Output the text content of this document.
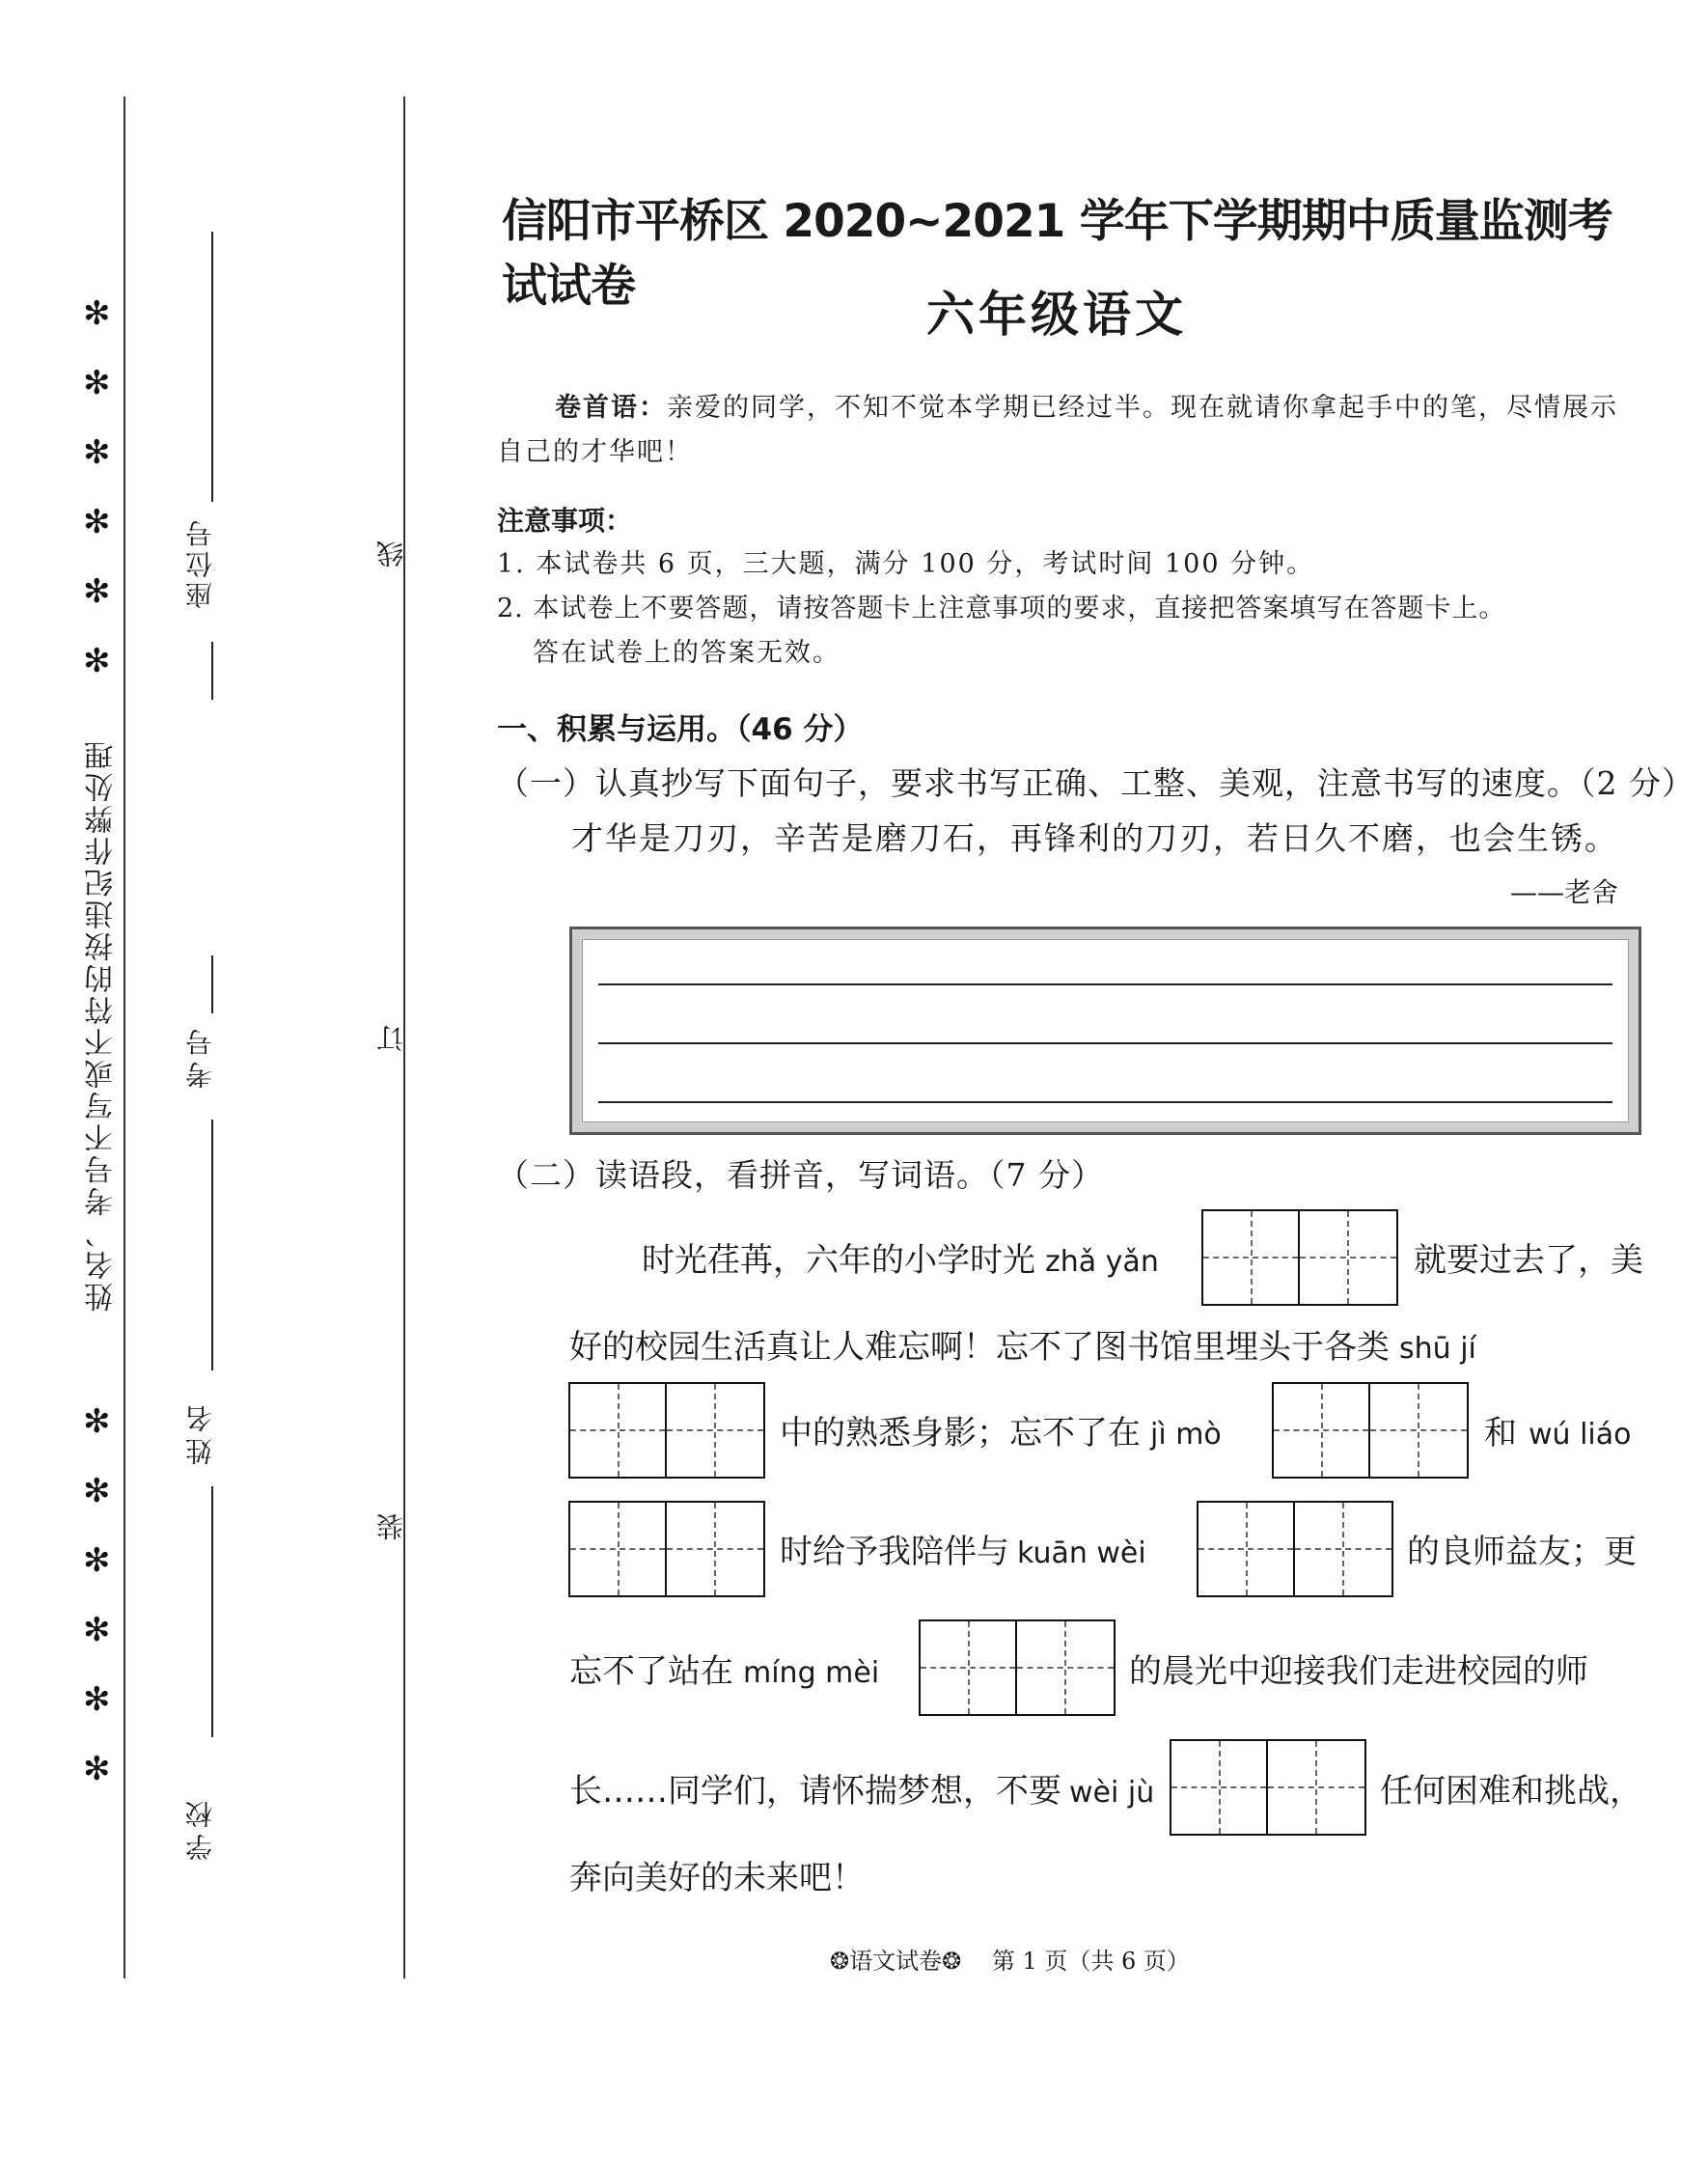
✻
✻
✻
✻
✻
✻
✻
✻
✻
✻
✻
✻
姓名、考号不写或不符的按违纪作弊处理
座位号
考号
姓名
学校
线
订
装
信阳市平桥区 2020~2021 学年下学期期中质量监测考试试卷
六年级语文
卷首语：亲爱的同学，不知不觉本学期已经过半。现在就请你拿起手中的笔，尽情展示自己的才华吧！
注意事项：
1. 本试卷共 6 页，三大题，满分 100 分，考试时间 100 分钟。
2. 本试卷上不要答题，请按答题卡上注意事项的要求，直接把答案填写在答题卡上。
答在试卷上的答案无效。
一、积累与运用。（46 分）
（一）认真抄写下面句子，要求书写正确、工整、美观，注意书写的速度。（2 分）
才华是刀刃，辛苦是磨刀石，再锋利的刀刃，若日久不磨，也会生锈。
——老舍
（二）读语段，看拼音，写词语。（7 分）
时光荏苒，六年的小学时光 zhǎ yǎn	就要过去了，美
好的校园生活真让人难忘啊！忘不了图书馆里埋头于各类 shū jí
中的熟悉身影；忘不了在 jì mò	和 wú liáo
时给予我陪伴与 kuān wèi	的良师益友；更
忘不了站在 míng mèi	的晨光中迎接我们走进校园的师
长……同学们，请怀揣梦想，不要 wèi jù	任何困难和挑战，
奔向美好的未来吧！
❂语文试卷❂ 第 1 页（共 6 页）
